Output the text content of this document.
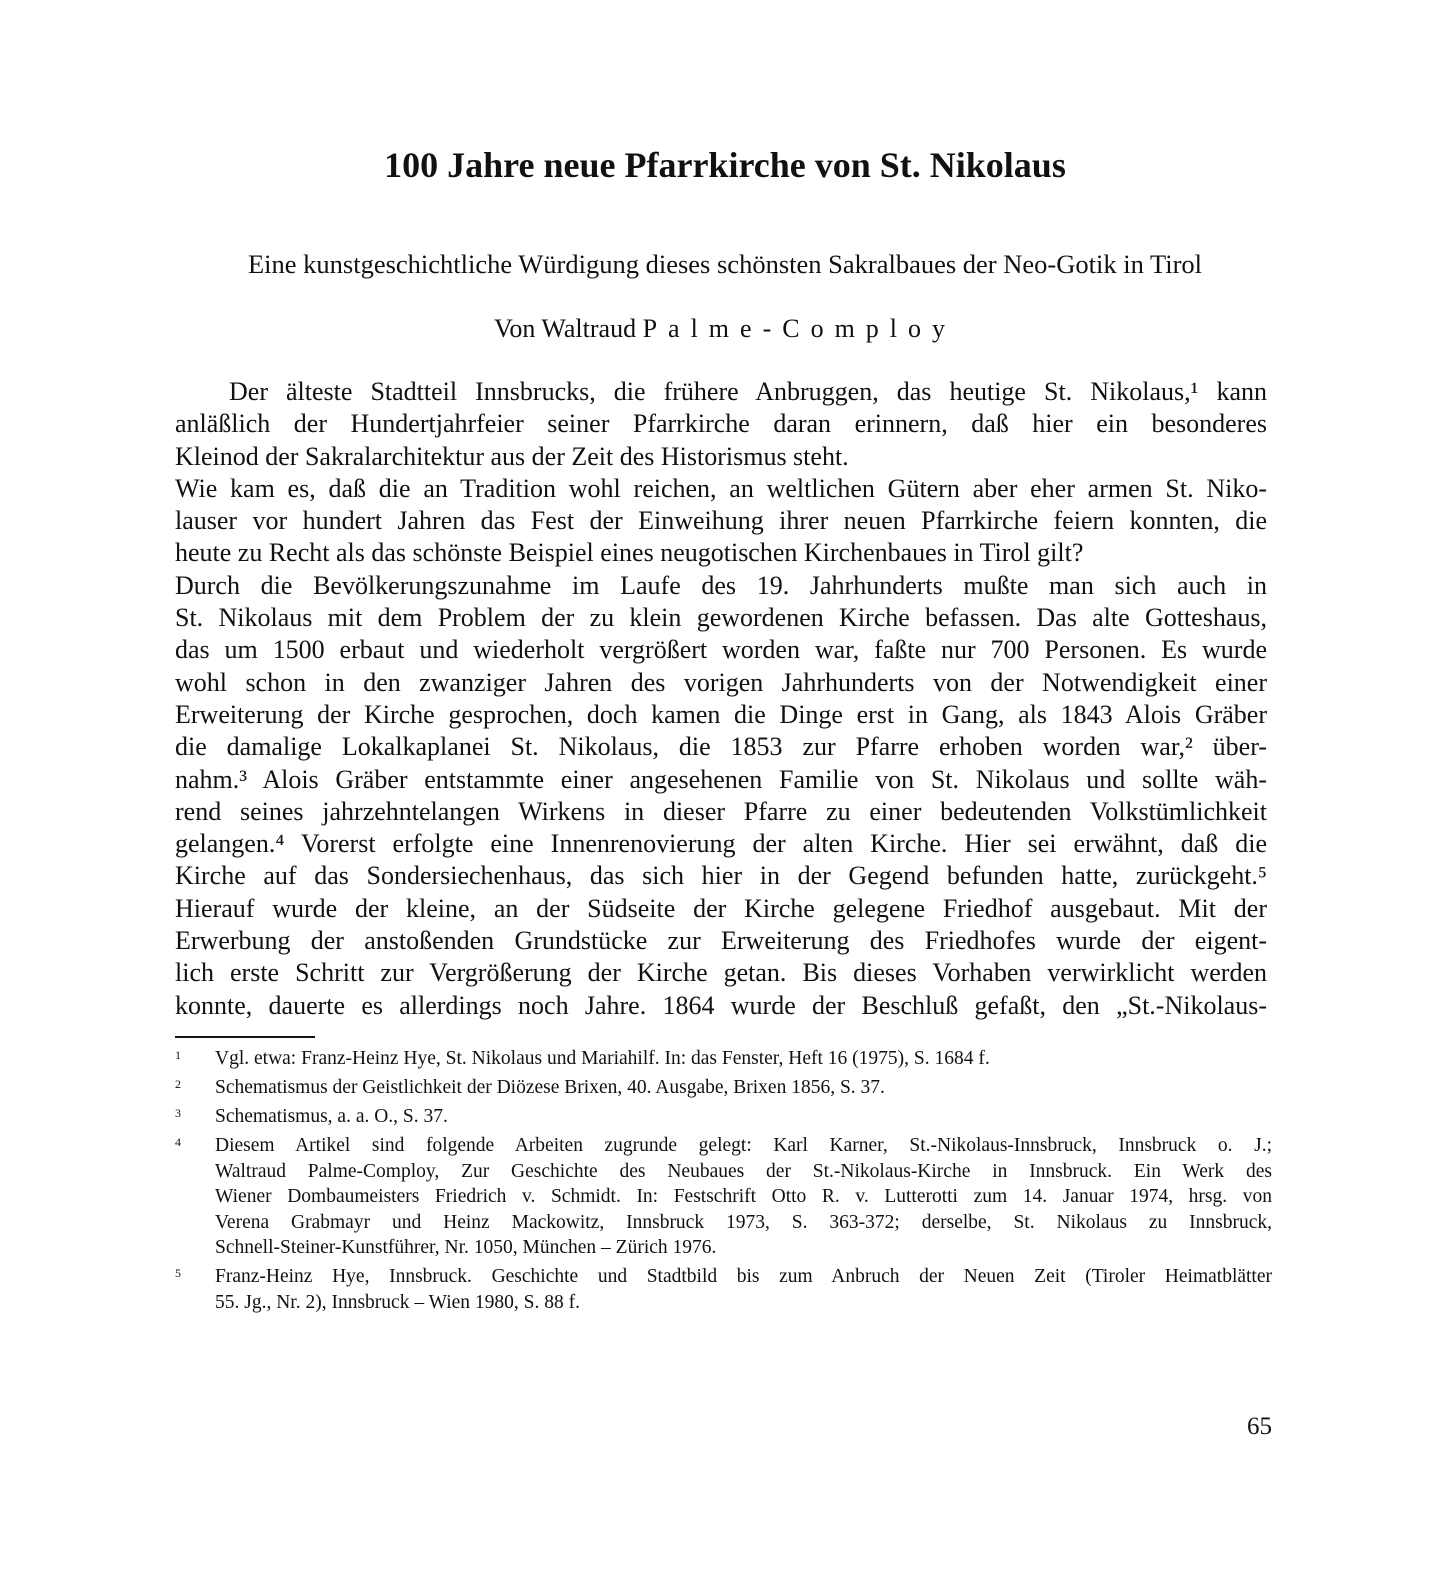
100 Jahre neue Pfarrkirche von St. Nikolaus
Eine kunstgeschichtliche Würdigung dieses schönsten Sakralbaues der Neo-Gotik in Tirol
Von Waltraud Palme-Comploy
Der älteste Stadtteil Innsbrucks, die frühere Anbruggen, das heutige St. Nikolaus,¹ kann
anläßlich der Hundertjahrfeier seiner Pfarrkirche daran erinnern, daß hier ein besonderes
Kleinod der Sakralarchitektur aus der Zeit des Historismus steht.
Wie kam es, daß die an Tradition wohl reichen, an weltlichen Gütern aber eher armen St. Niko-
lauser vor hundert Jahren das Fest der Einweihung ihrer neuen Pfarrkirche feiern konnten, die
heute zu Recht als das schönste Beispiel eines neugotischen Kirchenbaues in Tirol gilt?
Durch die Bevölkerungszunahme im Laufe des 19. Jahrhunderts mußte man sich auch in
St. Nikolaus mit dem Problem der zu klein gewordenen Kirche befassen. Das alte Gotteshaus,
das um 1500 erbaut und wiederholt vergrößert worden war, faßte nur 700 Personen. Es wurde
wohl schon in den zwanziger Jahren des vorigen Jahrhunderts von der Notwendigkeit einer
Erweiterung der Kirche gesprochen, doch kamen die Dinge erst in Gang, als 1843 Alois Gräber
die damalige Lokalkaplanei St. Nikolaus, die 1853 zur Pfarre erhoben worden war,² über-
nahm.³ Alois Gräber entstammte einer angesehenen Familie von St. Nikolaus und sollte wäh-
rend seines jahrzehntelangen Wirkens in dieser Pfarre zu einer bedeutenden Volkstümlichkeit
gelangen.⁴ Vorerst erfolgte eine Innenrenovierung der alten Kirche. Hier sei erwähnt, daß die
Kirche auf das Sondersiechenhaus, das sich hier in der Gegend befunden hatte, zurückgeht.⁵
Hierauf wurde der kleine, an der Südseite der Kirche gelegene Friedhof ausgebaut. Mit der
Erwerbung der anstoßenden Grundstücke zur Erweiterung des Friedhofes wurde der eigent-
lich erste Schritt zur Vergrößerung der Kirche getan. Bis dieses Vorhaben verwirklicht werden
konnte, dauerte es allerdings noch Jahre. 1864 wurde der Beschluß gefaßt, den „St.-Nikolaus-
1 Vgl. etwa: Franz-Heinz Hye, St. Nikolaus und Mariahilf. In: das Fenster, Heft 16 (1975), S. 1684 f.
2 Schematismus der Geistlichkeit der Diözese Brixen, 40. Ausgabe, Brixen 1856, S. 37.
3 Schematismus, a. a. O., S. 37.
4 Diesem Artikel sind folgende Arbeiten zugrunde gelegt: Karl Karner, St.-Nikolaus-Innsbruck, Innsbruck o. J.;
Waltraud Palme-Comploy, Zur Geschichte des Neubaues der St.-Nikolaus-Kirche in Innsbruck. Ein Werk des
Wiener Dombaumeisters Friedrich v. Schmidt. In: Festschrift Otto R. v. Lutterotti zum 14. Januar 1974, hrsg. von
Verena Grabmayr und Heinz Mackowitz, Innsbruck 1973, S. 363-372; derselbe, St. Nikolaus zu Innsbruck,
Schnell-Steiner-Kunstführer, Nr. 1050, München – Zürich 1976.
5 Franz-Heinz Hye, Innsbruck. Geschichte und Stadtbild bis zum Anbruch der Neuen Zeit (Tiroler Heimatblätter
55. Jg., Nr. 2), Innsbruck – Wien 1980, S. 88 f.
65
